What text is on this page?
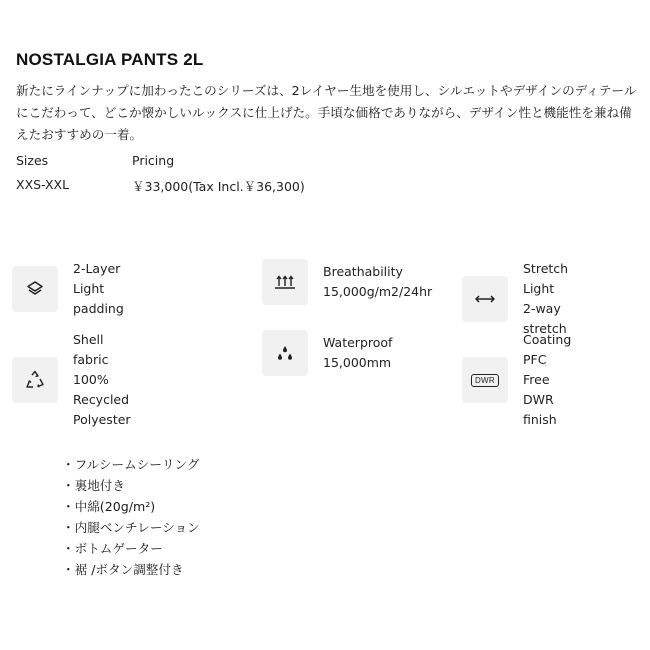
NOSTALGIA PANTS 2L
新たにラインナップに加わったこのシリーズは、2レイヤー生地を使用し、シルエットやデザインのディテールにこだわって、どこか懐かしいルックスに仕上げた。手頃な価格でありながら、デザイン性と機能性を兼ね備えたおすすめの一着。
Sizes	Pricing
XXS-XXL	￥33,000(Tax Incl.￥36,300)
2-Layer
Light padding
Breathability
15,000g/m2/24hr
Stretch
Light 2-way stretch
Shell fabric
100% Recycled Polyester
Waterproof
15,000mm
DWR
Coating
PFC Free DWR finish
・ フルシームシーリング
・ 裏地付き
・ 中綿(20g/m²)
・ 内腿ベンチレーション
・ ボトムゲーター
・ 裾 /ボタン調整付き
